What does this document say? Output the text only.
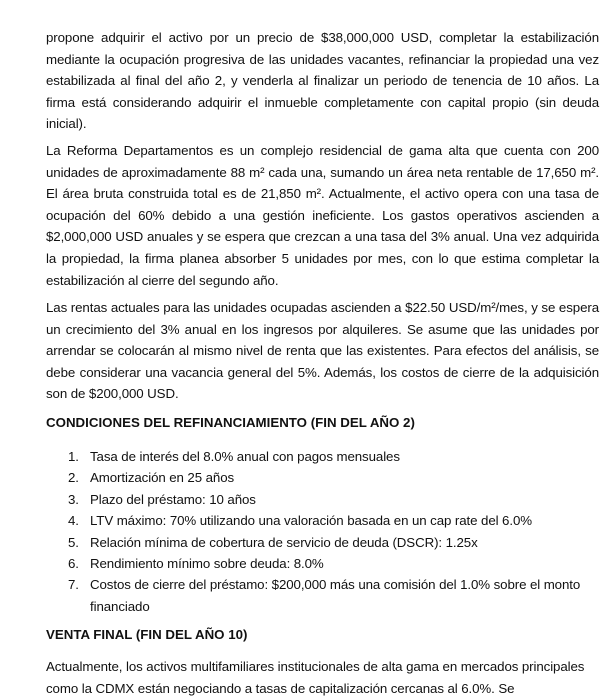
propone adquirir el activo por un precio de $38,000,000 USD, completar la estabilización mediante la ocupación progresiva de las unidades vacantes, refinanciar la propiedad una vez estabilizada al final del año 2, y venderla al finalizar un periodo de tenencia de 10 años. La firma está considerando adquirir el inmueble completamente con capital propio (sin deuda inicial).

La Reforma Departamentos es un complejo residencial de gama alta que cuenta con 200 unidades de aproximadamente 88 m² cada una, sumando un área neta rentable de 17,650 m². El área bruta construida total es de 21,850 m². Actualmente, el activo opera con una tasa de ocupación del 60% debido a una gestión ineficiente. Los gastos operativos ascienden a $2,000,000 USD anuales y se espera que crezcan a una tasa del 3% anual. Una vez adquirida la propiedad, la firma planea absorber 5 unidades por mes, con lo que estima completar la estabilización al cierre del segundo año.

Las rentas actuales para las unidades ocupadas ascienden a $22.50 USD/m²/mes, y se espera un crecimiento del 3% anual en los ingresos por alquileres. Se asume que las unidades por arrendar se colocarán al mismo nivel de renta que las existentes. Para efectos del análisis, se debe considerar una vacancia general del 5%. Además, los costos de cierre de la adquisición son de $200,000 USD.

CONDICIONES DEL REFINANCIAMIENTO (FIN DEL AÑO 2)
1. Tasa de interés del 8.0% anual con pagos mensuales
2. Amortización en 25 años
3. Plazo del préstamo: 10 años
4. LTV máximo: 70% utilizando una valoración basada en un cap rate del 6.0%
5. Relación mínima de cobertura de servicio de deuda (DSCR): 1.25x
6. Rendimiento mínimo sobre deuda: 8.0%
7. Costos de cierre del préstamo: $200,000 más una comisión del 1.0% sobre el monto financiado
VENTA FINAL (FIN DEL AÑO 10)

Actualmente, los activos multifamiliares institucionales de alta gama en mercados principales como la CDMX están negociando a tasas de capitalización cercanas al 6.0%. Se
